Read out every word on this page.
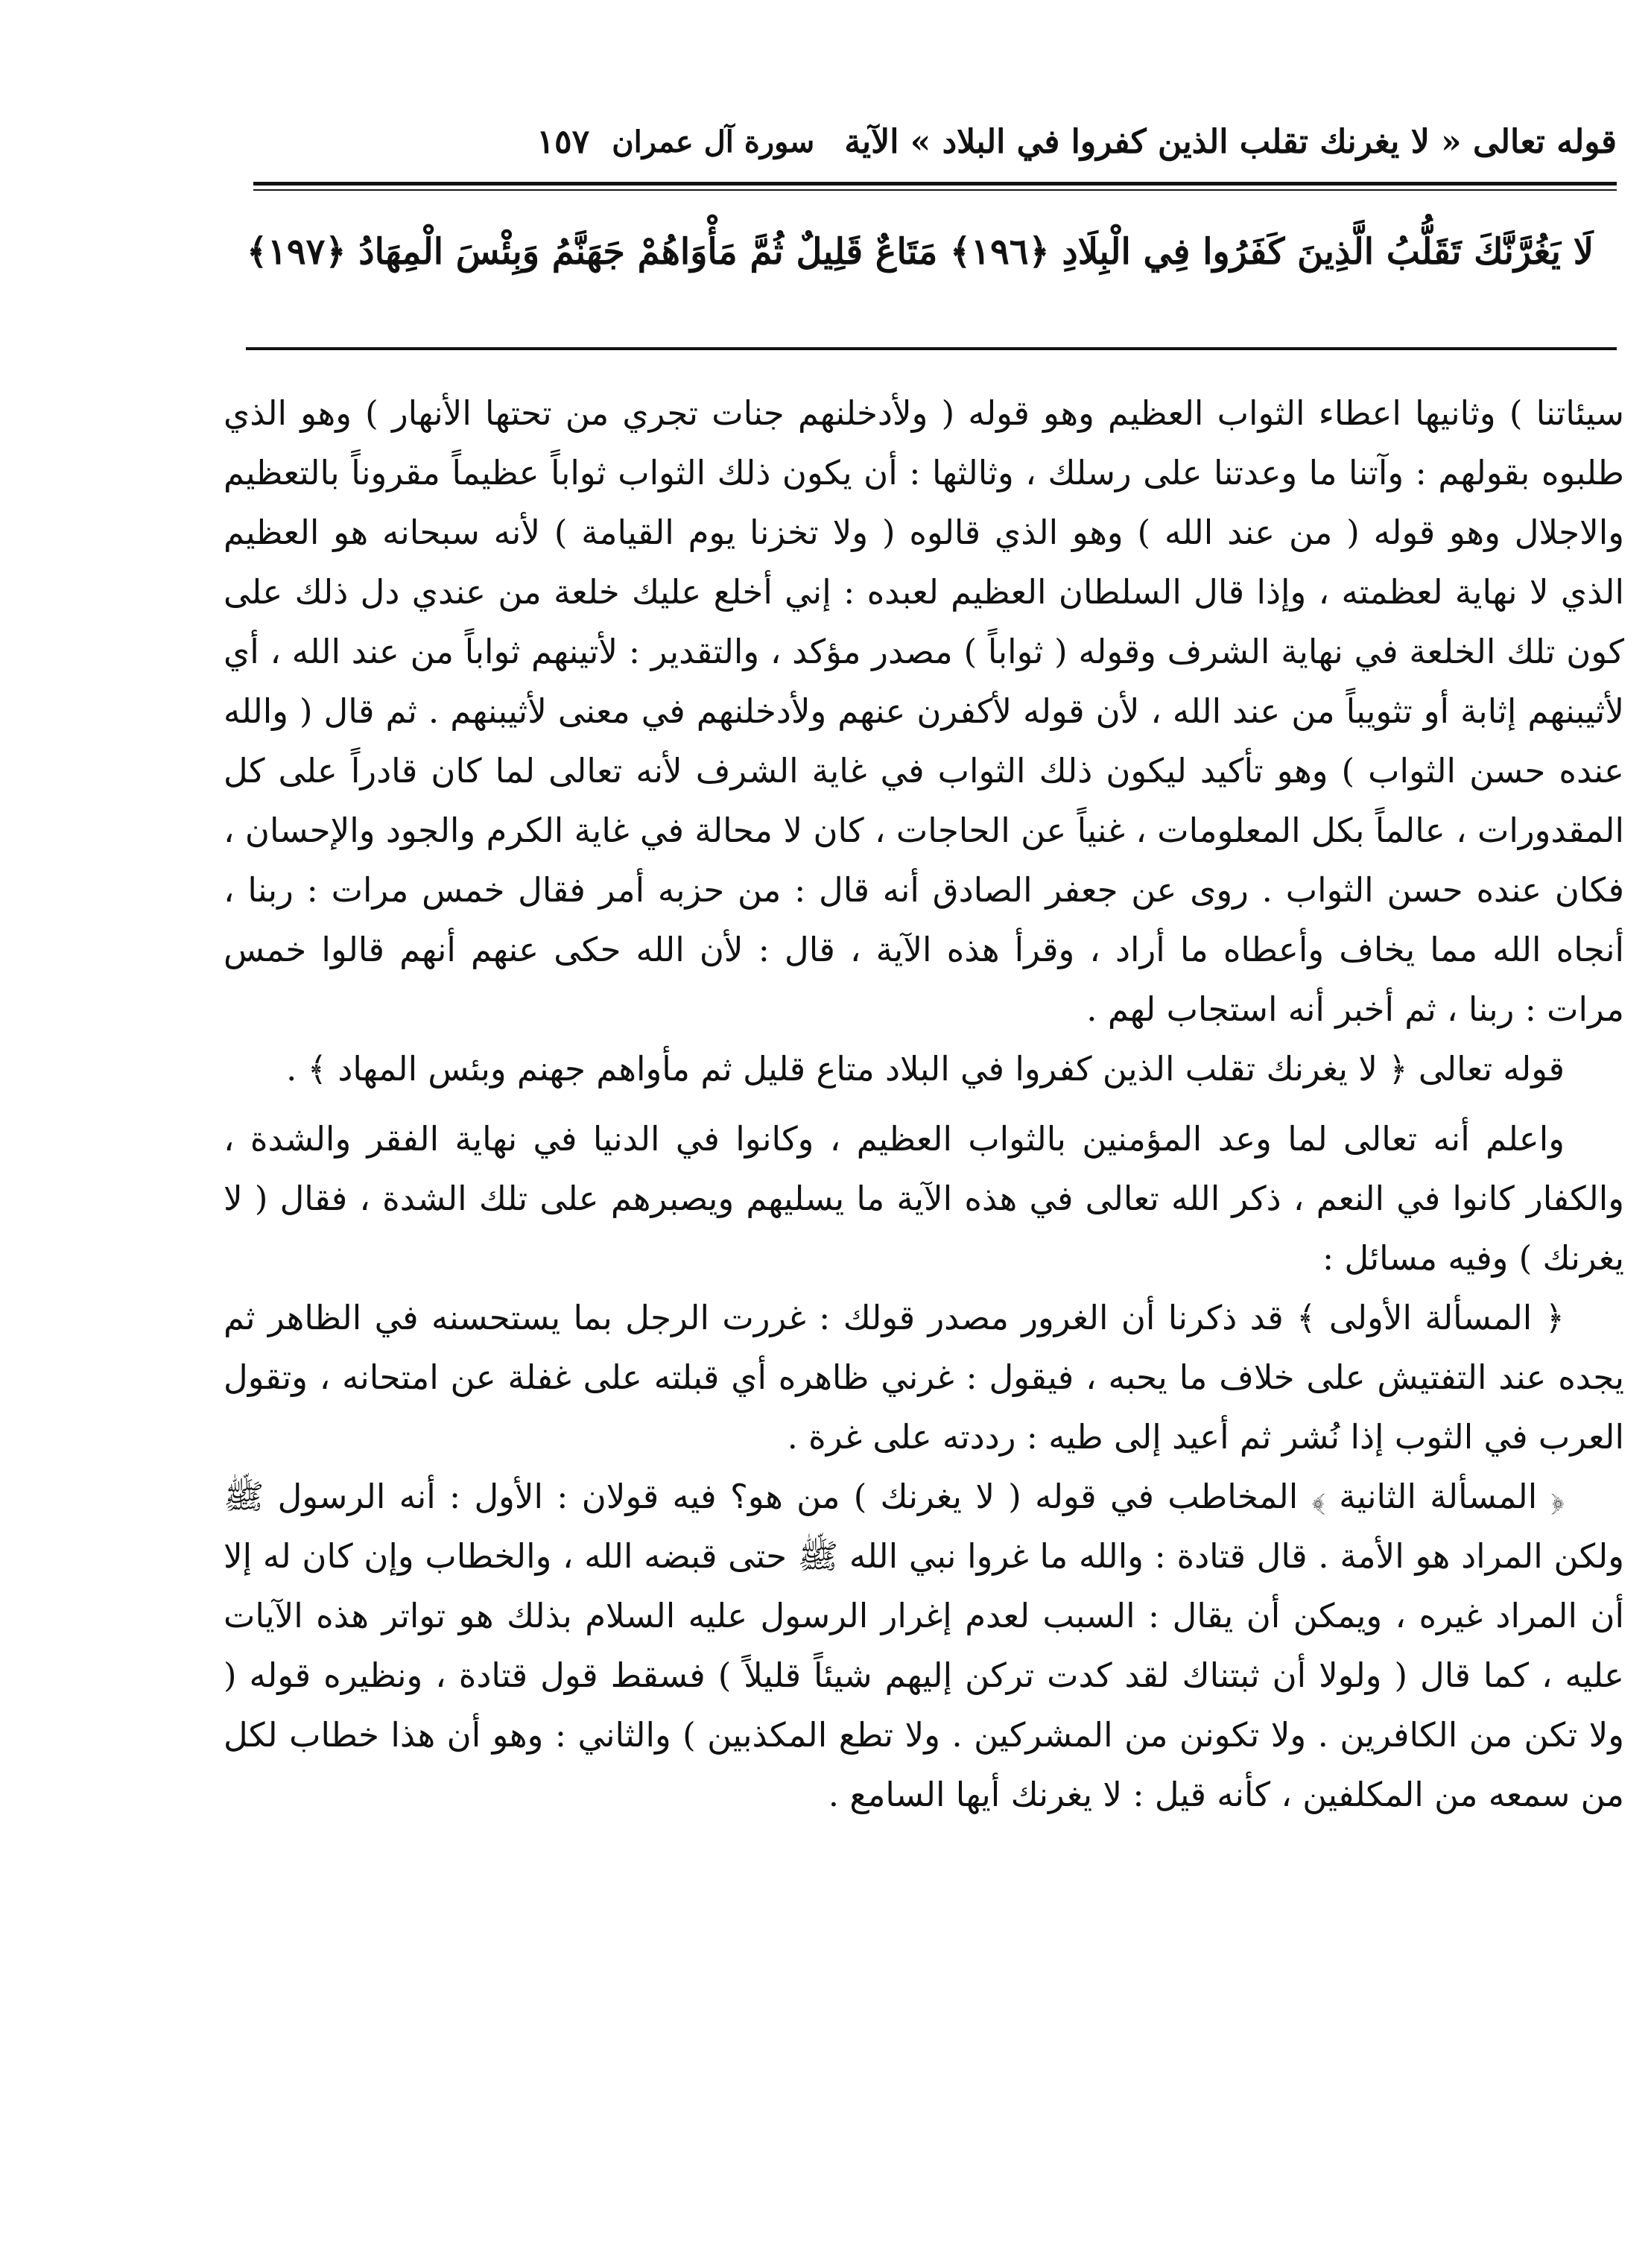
قوله تعالى « لا يغرنك تقلب الذين كفروا في البلاد » الآية
سورة آل عمران
١٥٧
لَا يَغُرَّنَّكَ تَقَلُّبُ الَّذِينَ كَفَرُوا فِي الْبِلَادِ ﴿١٩٦﴾ مَتَاعٌ قَلِيلٌ ثُمَّ مَأْوَاهُمْ جَهَنَّمُ وَبِئْسَ الْمِهَادُ ﴿١٩٧﴾

سيئاتنا ) وثانيها اعطاء الثواب العظيم وهو قوله ( ولأدخلنهم جنات تجري من تحتها الأنهار ) وهو الذي طلبوه بقولهم : وآتنا ما وعدتنا على رسلك ، وثالثها : أن يكون ذلك الثواب ثواباً عظيماً مقروناً بالتعظيم والاجلال وهو قوله ( من عند الله ) وهو الذي قالوه ( ولا تخزنا يوم القيامة ) لأنه سبحانه هو العظيم الذي لا نهاية لعظمته ، وإذا قال السلطان العظيم لعبده : إني أخلع عليك خلعة من عندي دل ذلك على كون تلك الخلعة في نهاية الشرف وقوله ( ثواباً ) مصدر مؤكد ، والتقدير : لأتينهم ثواباً من عند الله ، أي لأثيبنهم إثابة أو تثويباً من عند الله ، لأن قوله لأكفرن عنهم ولأدخلنهم في معنى لأثيبنهم . ثم قال ( والله عنده حسن الثواب ) وهو تأكيد ليكون ذلك الثواب في غاية الشرف لأنه تعالى لما كان قادراً على كل المقدورات ، عالماً بكل المعلومات ، غنياً عن الحاجات ، كان لا محالة في غاية الكرم والجود والإحسان ، فكان عنده حسن الثواب . روى عن جعفر الصادق أنه قال : من حزبه أمر فقال خمس مرات : ربنا ، أنجاه الله مما يخاف وأعطاه ما أراد ، وقرأ هذه الآية ، قال : لأن الله حكى عنهم أنهم قالوا خمس مرات : ربنا ، ثم أخبر أنه استجاب لهم .

قوله تعالى ﴿ لا يغرنك تقلب الذين كفروا في البلاد متاع قليل ثم مأواهم جهنم وبئس المهاد ﴾ .

واعلم أنه تعالى لما وعد المؤمنين بالثواب العظيم ، وكانوا في الدنيا في نهاية الفقر والشدة ، والكفار كانوا في النعم ، ذكر الله تعالى في هذه الآية ما يسليهم ويصبرهم على تلك الشدة ، فقال ( لا يغرنك ) وفيه مسائل :

﴿ المسألة الأولى ﴾ قد ذكرنا أن الغرور مصدر قولك : غررت الرجل بما يستحسنه في الظاهر ثم يجده عند التفتيش على خلاف ما يحبه ، فيقول : غرني ظاهره أي قبلته على غفلة عن امتحانه ، وتقول العرب في الثوب إذا نُشر ثم أعيد إلى طيه : رددته على غرة .

﴿ المسألة الثانية ﴾ المخاطب في قوله ( لا يغرنك ) من هو؟ فيه قولان : الأول : أنه الرسول ﷺ ولكن المراد هو الأمة . قال قتادة : والله ما غروا نبي الله ﷺ حتى قبضه الله ، والخطاب وإن كان له إلا أن المراد غيره ، ويمكن أن يقال : السبب لعدم إغرار الرسول عليه السلام بذلك هو تواتر هذه الآيات عليه ، كما قال ( ولولا أن ثبتناك لقد كدت تركن إليهم شيئاً قليلاً ) فسقط قول قتادة ، ونظيره قوله ( ولا تكن من الكافرين . ولا تكونن من المشركين . ولا تطع المكذبين ) والثاني : وهو أن هذا خطاب لكل من سمعه من المكلفين ، كأنه قيل : لا يغرنك أيها السامع .
